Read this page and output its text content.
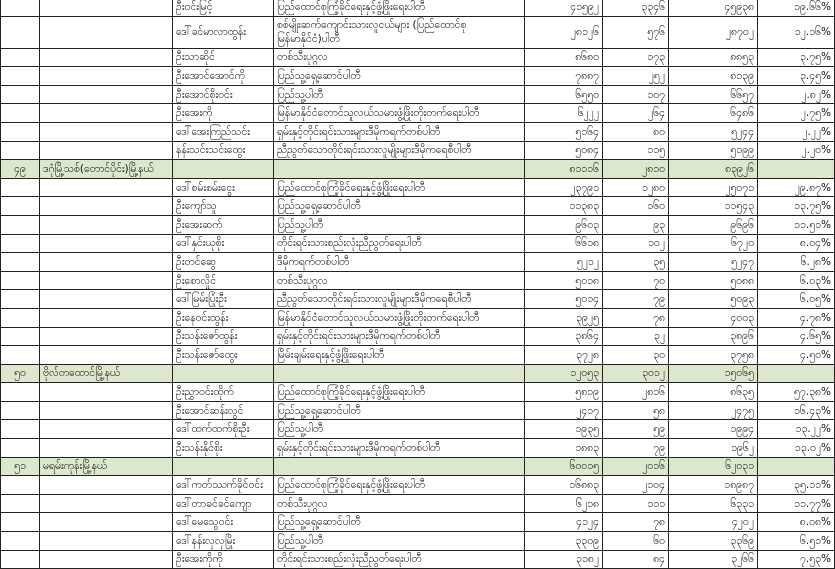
		ဦးဝင်းမြင့်	ပြည်ထောင်စုကြံ့ခိုင်ရေးနှင့်ဖွံ့ဖြိုးရေးပါတီ	၄၁၅၉၂	၃၃၄၆	၄၅၉၃၈	၁၉.၆၆%
		ဒေါ်ခင်မာလာထွန်း	စစ်မျိုးဆက်ကျောင်းသားလူငယ်များ (ပြည်ထောင်စုမြန်မာနိုင်ငံ)ပါတီ	၂၈၁၂၆	၅၇၆	၂၈၇၀၂	၁၂.၁၆%
		ဦးသာဆိုင်	တစ်သီးပုဂ္ဂလ	၈၆၈၀	၁၇၃	၈၈၅၃	၃.၇၅%
		ဦးအောင်အောင်ကို	ပြည်သူ့ရှေ့ဆောင်ပါတီ	၇၈၈၇	၂၅၂	၈၁၃၉	၃.၄၅%
		ဦးအောင်စိုးဝင်း	ပြည်သူ့ပါတီ	၆၅၅၀	၁၀၇	၆၆၅၇	၂.၈၂%
		ဦးအေးကို	မြန်မာနိုင်ငံတောင်သူလယ်သမားဖွံ့ဖြိုးတိုးတက်ရေးပါတီ	၆၂၂၂	၂၆၄	၆၄၈၆	၂.၇၅%
		ဒေါ်အေးကြည်သင်း	ရှမ်းနှင့်တိုင်းရင်းသားများဒီမိုကရက်တစ်ပါတီ	၅၁၆၄	၈၀	၅၂၄၄	၂.၂၂%
		နန်းသင်းသင်းထွေး	ညီညွတ်သောတိုင်းရင်းသားလူမျိုးများဒီမိုကရေစီပါတီ	၅၀၈၄	၁၁၅	၅၁၉၉	၂.၂၀%
၄၉	ဒဂုံမြို့သစ်(တောင်ပိုင်း)မြို့နယ်			၈၁၁၁၆	၂၈၁၀	၈၃၉၂၆	
		ဒေါ်စမ်းစမ်းငွေး	ပြည်ထောင်စုကြံ့ခိုင်ရေးနှင့်ဖွံ့ဖြိုးရေးပါတီ	၂၃၇၉၁	၁၂၈၀	၂၅၀၇၁	၂၉.၈၇%
		ဦးကျော်သူ	ပြည်သူ့ရှေ့ဆောင်ပါတီ	၁၁၃၈၃	၁၆၀	၁၁၅၄၃	၁၃.၇၅%
		ဦးအေးဆက်	ပြည်သူ့ပါတီ	၉၆၀၃	၉၃	၉၆၉၆	၁၁.၅၁%
		ဒေါ်နှင်းယုစိုး	တိုင်းရင်းသားစည်းလုံးညီညွတ်ရေးပါတီ	၆၆၁၈	၁၀၂	၆၇၂၀	၈.၀၄%
		ဦးတင်ဆွေ	ဒီမိုကရက်တစ်ပါတီ	၅၂၁၂	၃၅	၅၂၄၇	၆.၂၈%
		ဦးစောလှိုင်	တစ်သီးပုဂ္ဂလ	၅၀၁၈	၇၀	၅၀၈၈	၆.၀၃%
		ဒေါ်မြမ်းပြုံးဦး	ညီညွတ်သောတိုင်းရင်းသားလူမျိုးများဒီမိုကရေစီပါတီ	၅၀၁၄	၇၉	၅၀၉၃	၆.၀၅%
		ဦးနေဝင်းထွန်း	မြန်မာနိုင်ငံတောင်သူလယ်သမားဖွံ့ဖြိုးတိုးတက်ရေးပါတီ	၃၉၂၅	၇၈	၄၀၀၃	၄.၇၈%
		ဦးသန်းဇော်ထွန်း	ရှမ်းနှင့်တိုင်းရင်းသားများဒီမိုကရက်တစ်ပါတီ	၃၈၆၄	၃၂	၃၈၉၆	၄.၆၅%
		ဦးသန်းဇော်ထွေး	မြိမ်းချမ်းရေးနှင့်ဖွံ့ဖြိုးရေးပါတီ	၃၇၂၈	၃၀	၃၇၅၈	၄.၅၀%
၅၀	ဗိုလ်တထောင်မြို့နယ်			၁၂၀၅၃	၃၀၁၂	၁၅၀၆၅	
		ဦးညွှာဝင်းထိုက်	ပြည်ထောင်စုကြံ့ခိုင်ရေးနှင့်ဖွံ့ဖြိုးရေးပါတီ	၅၈၁၉	၂၈၁၆	၈၆၃၅	၅၇.၃၈%
		ဦးအောင်ဆန်းလွင်	ပြည်သူ့ရှေ့ဆောင်ပါတီ	၂၄၁၇	၅၈	၂၄၇၅	၁၆.၄၃%
		ဒေါ်ထက်ထက်စိုးဦး	ပြည်သူ့ပါတီ	၁၉၃၅	၅၉	၁၉၉၄	၁၃.၂၂%
		ဦးသန်းနိုင်စိုး	ရှမ်းနှင့်တိုင်းရင်းသားများဒီမိုကရက်တစ်ပါတီ	၁၈၈၃	၇၉	၁၉၆၂	၁၃.၀၂%
၅၁	မရမ်းကုန်းမြို့နယ်			၆၀၀၁၅	၂၀၁၆	၆၂၀၃၁	
		ဒေါ်ကတ်ဿက်ခိုင်ဝင်း	ပြည်ထောင်စုကြံ့ခိုင်ရေးနှင့်ဖွံ့ဖြိုးရေးပါတီ	၁၆၈၈၃	၂၁၀၄	၁၈၉၈၇	၃၅.၁၁%
		ဒေါ်တာခင်ခင်ကျော	တစ်သီးပုဂ္ဂလ	၆၂၁၈	၁၁၁	၆၃၃၁	၁၁.၇၇%
		ဒေါ်မေသွေဝင်း	ပြည်သူ့ရှေ့ဆောင်ပါတီ	၄၁၂၄	၇၈	၄၂၀၂	၈.၀၈%
		ဒေါ်နန်းလှလှမြိုး	ပြည်သူ့ပါတီ	၃၃၀၉	၆၀	၃၃၆၉	၆.၅၁%
		ဦးအေးကိုကို	တိုင်းရင်းသားစည်းလုံးညီညွတ်ရေးပါတီ	၃၁၈၂	၈၄	၃၂၆၆	၇.၅၃%
